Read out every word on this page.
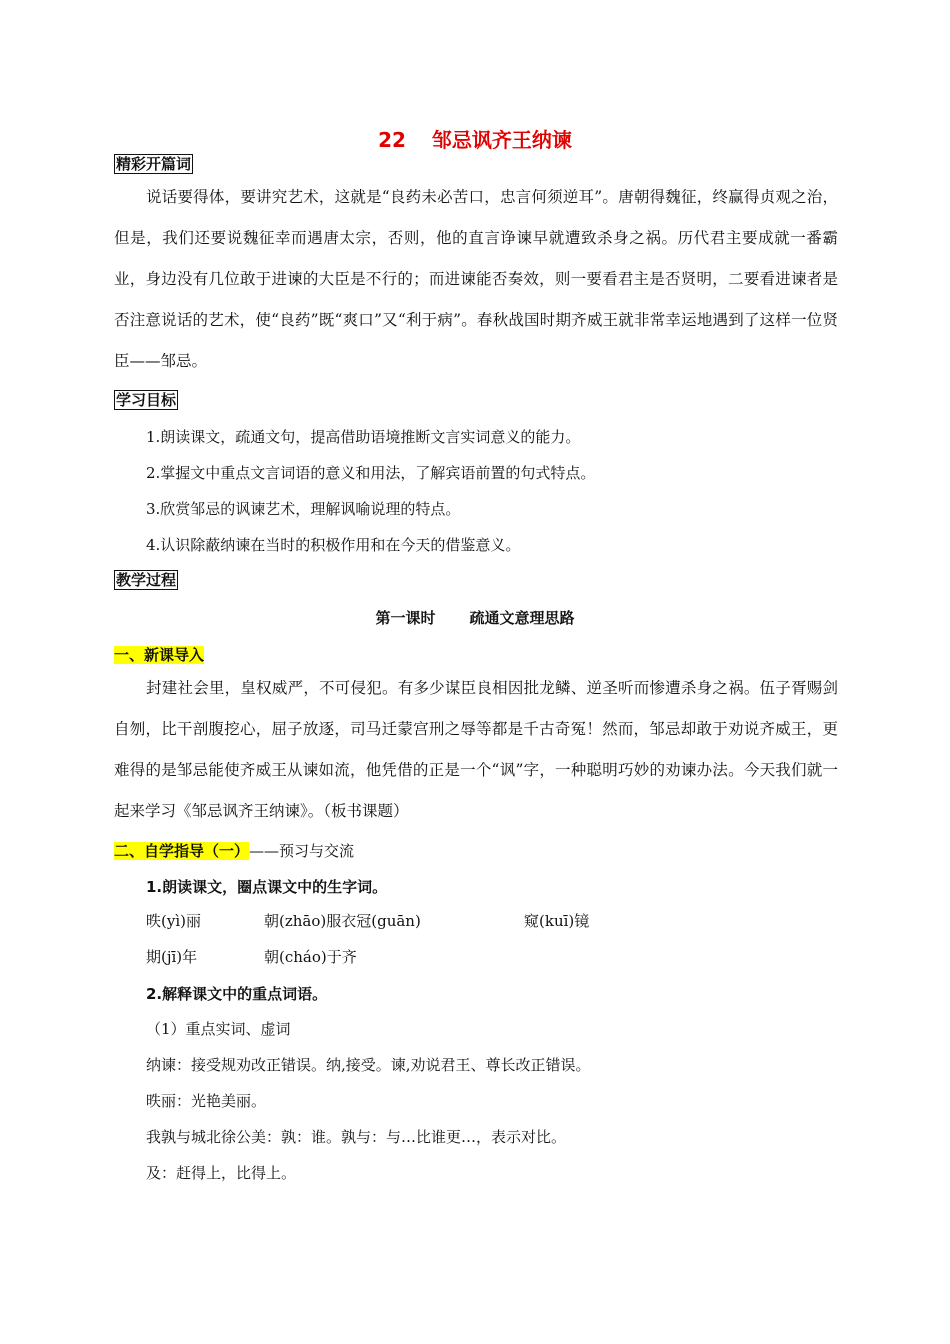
22 邹忌讽齐王纳谏
精彩开篇词
说话要得体，要讲究艺术，这就是“良药未必苦口，忠言何须逆耳”。唐朝得魏征，终赢得贞观之治，但是，我们还要说魏征幸而遇唐太宗，否则，他的直言诤谏早就遭致杀身之祸。历代君主要成就一番霸业，身边没有几位敢于进谏的大臣是不行的；而进谏能否奏效，则一要看君主是否贤明，二要看进谏者是否注意说话的艺术，使“良药”既“爽口”又“利于病”。春秋战国时期齐威王就非常幸运地遇到了这样一位贤臣——邹忌。
学习目标
1.朗读课文，疏通文句，提高借助语境推断文言实词意义的能力。
2.掌握文中重点文言词语的意义和用法，了解宾语前置的句式特点。
3.欣赏邹忌的讽谏艺术，理解讽喻说理的特点。
4.认识除蔽纳谏在当时的积极作用和在今天的借鉴意义。
教学过程
第一课时 疏通文意理思路
一、新课导入
封建社会里，皇权威严，不可侵犯。有多少谋臣良相因批龙鳞、逆圣听而惨遭杀身之祸。伍子胥赐剑自刎，比干剖腹挖心，屈子放逐，司马迁蒙宫刑之辱等都是千古奇冤！然而，邹忌却敢于劝说齐威王，更难得的是邹忌能使齐威王从谏如流，他凭借的正是一个“讽”字，一种聪明巧妙的劝谏办法。今天我们就一起来学习《邹忌讽齐王纳谏》。（板书课题）
二、自学指导（一）——预习与交流
1.朗读课文，圈点课文中的生字词。
昳(yì)丽	朝(zhāo)服衣冠(guān)	窥(kuī)镜
期(jī)年	朝(cháo)于齐
2.解释课文中的重点词语。
（1）重点实词、虚词
纳谏：接受规劝改正错误。纳,接受。谏,劝说君王、尊长改正错误。
昳丽：光艳美丽。
我孰与城北徐公美：孰：谁。孰与：与…比谁更…，表示对比。
及：赶得上，比得上。
